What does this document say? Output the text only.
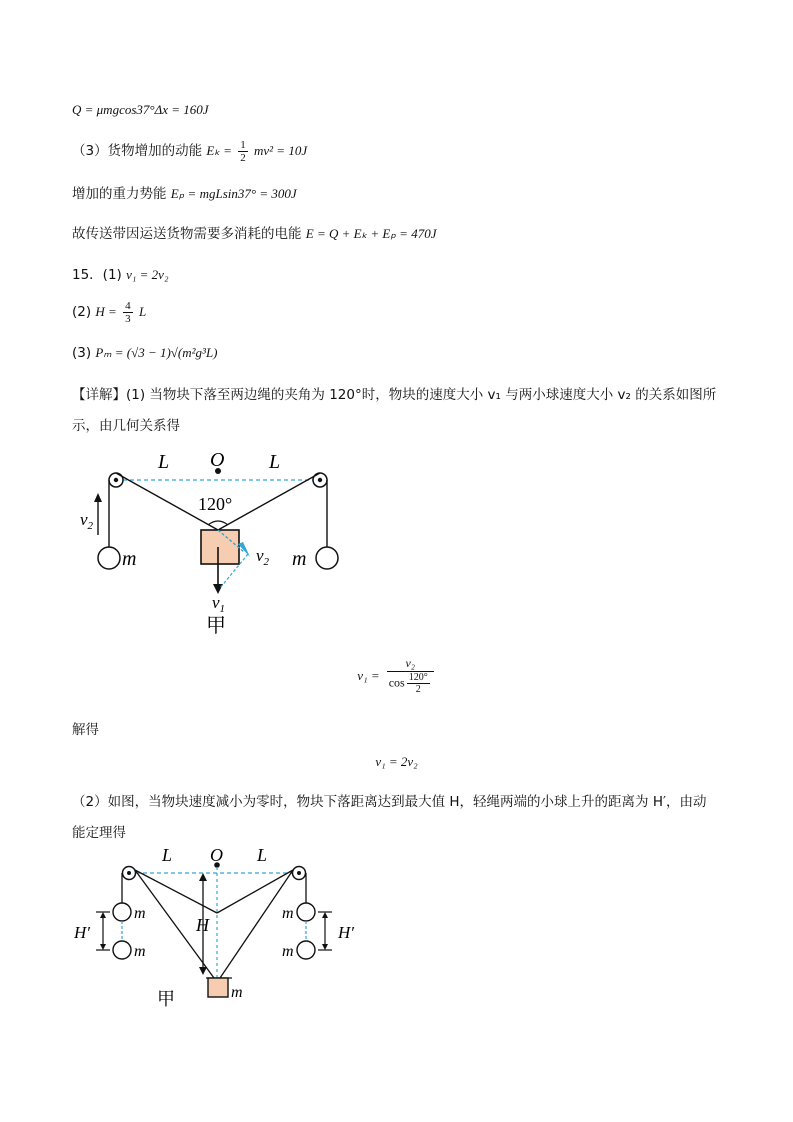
Q = μmgcos37°Δx = 160J
（3）货物增加的动能 $E_k = \frac{1}{2} mv^2 = 10J$
增加的重力势能 Eₚ = mgLsin37° = 300J
故传送带因运送货物需要多消耗的电能 E = Q + Eₖ + Eₚ = 470J
15．(1) v₁ = 2v₂
(2) $H = \frac{4}{3}$ L
(3) Pₘ = (√3 − 1)√(m²g³L)
【详解】(1) 当物块下落至两边绳的夹角为 120°时，物块的速度大小 v₁ 与两小球速度大小 v₂ 的关系如图所
示，由几何关系得
L O L
120°
$v_2$
$v_2$
m	m
$v_1$
甲
$v_1 = \frac{\text{v₂}}{\cos \frac{120^\circ}{2}}$
解得
v₁ = 2v₂
（2）如图，当物块速度减小为零时，物块下落距离达到最大值 H，轻绳两端的小球上升的距离为 H′，由动
能定理得
L O L
H
H′	H′
m
m
m
m
m
甲
